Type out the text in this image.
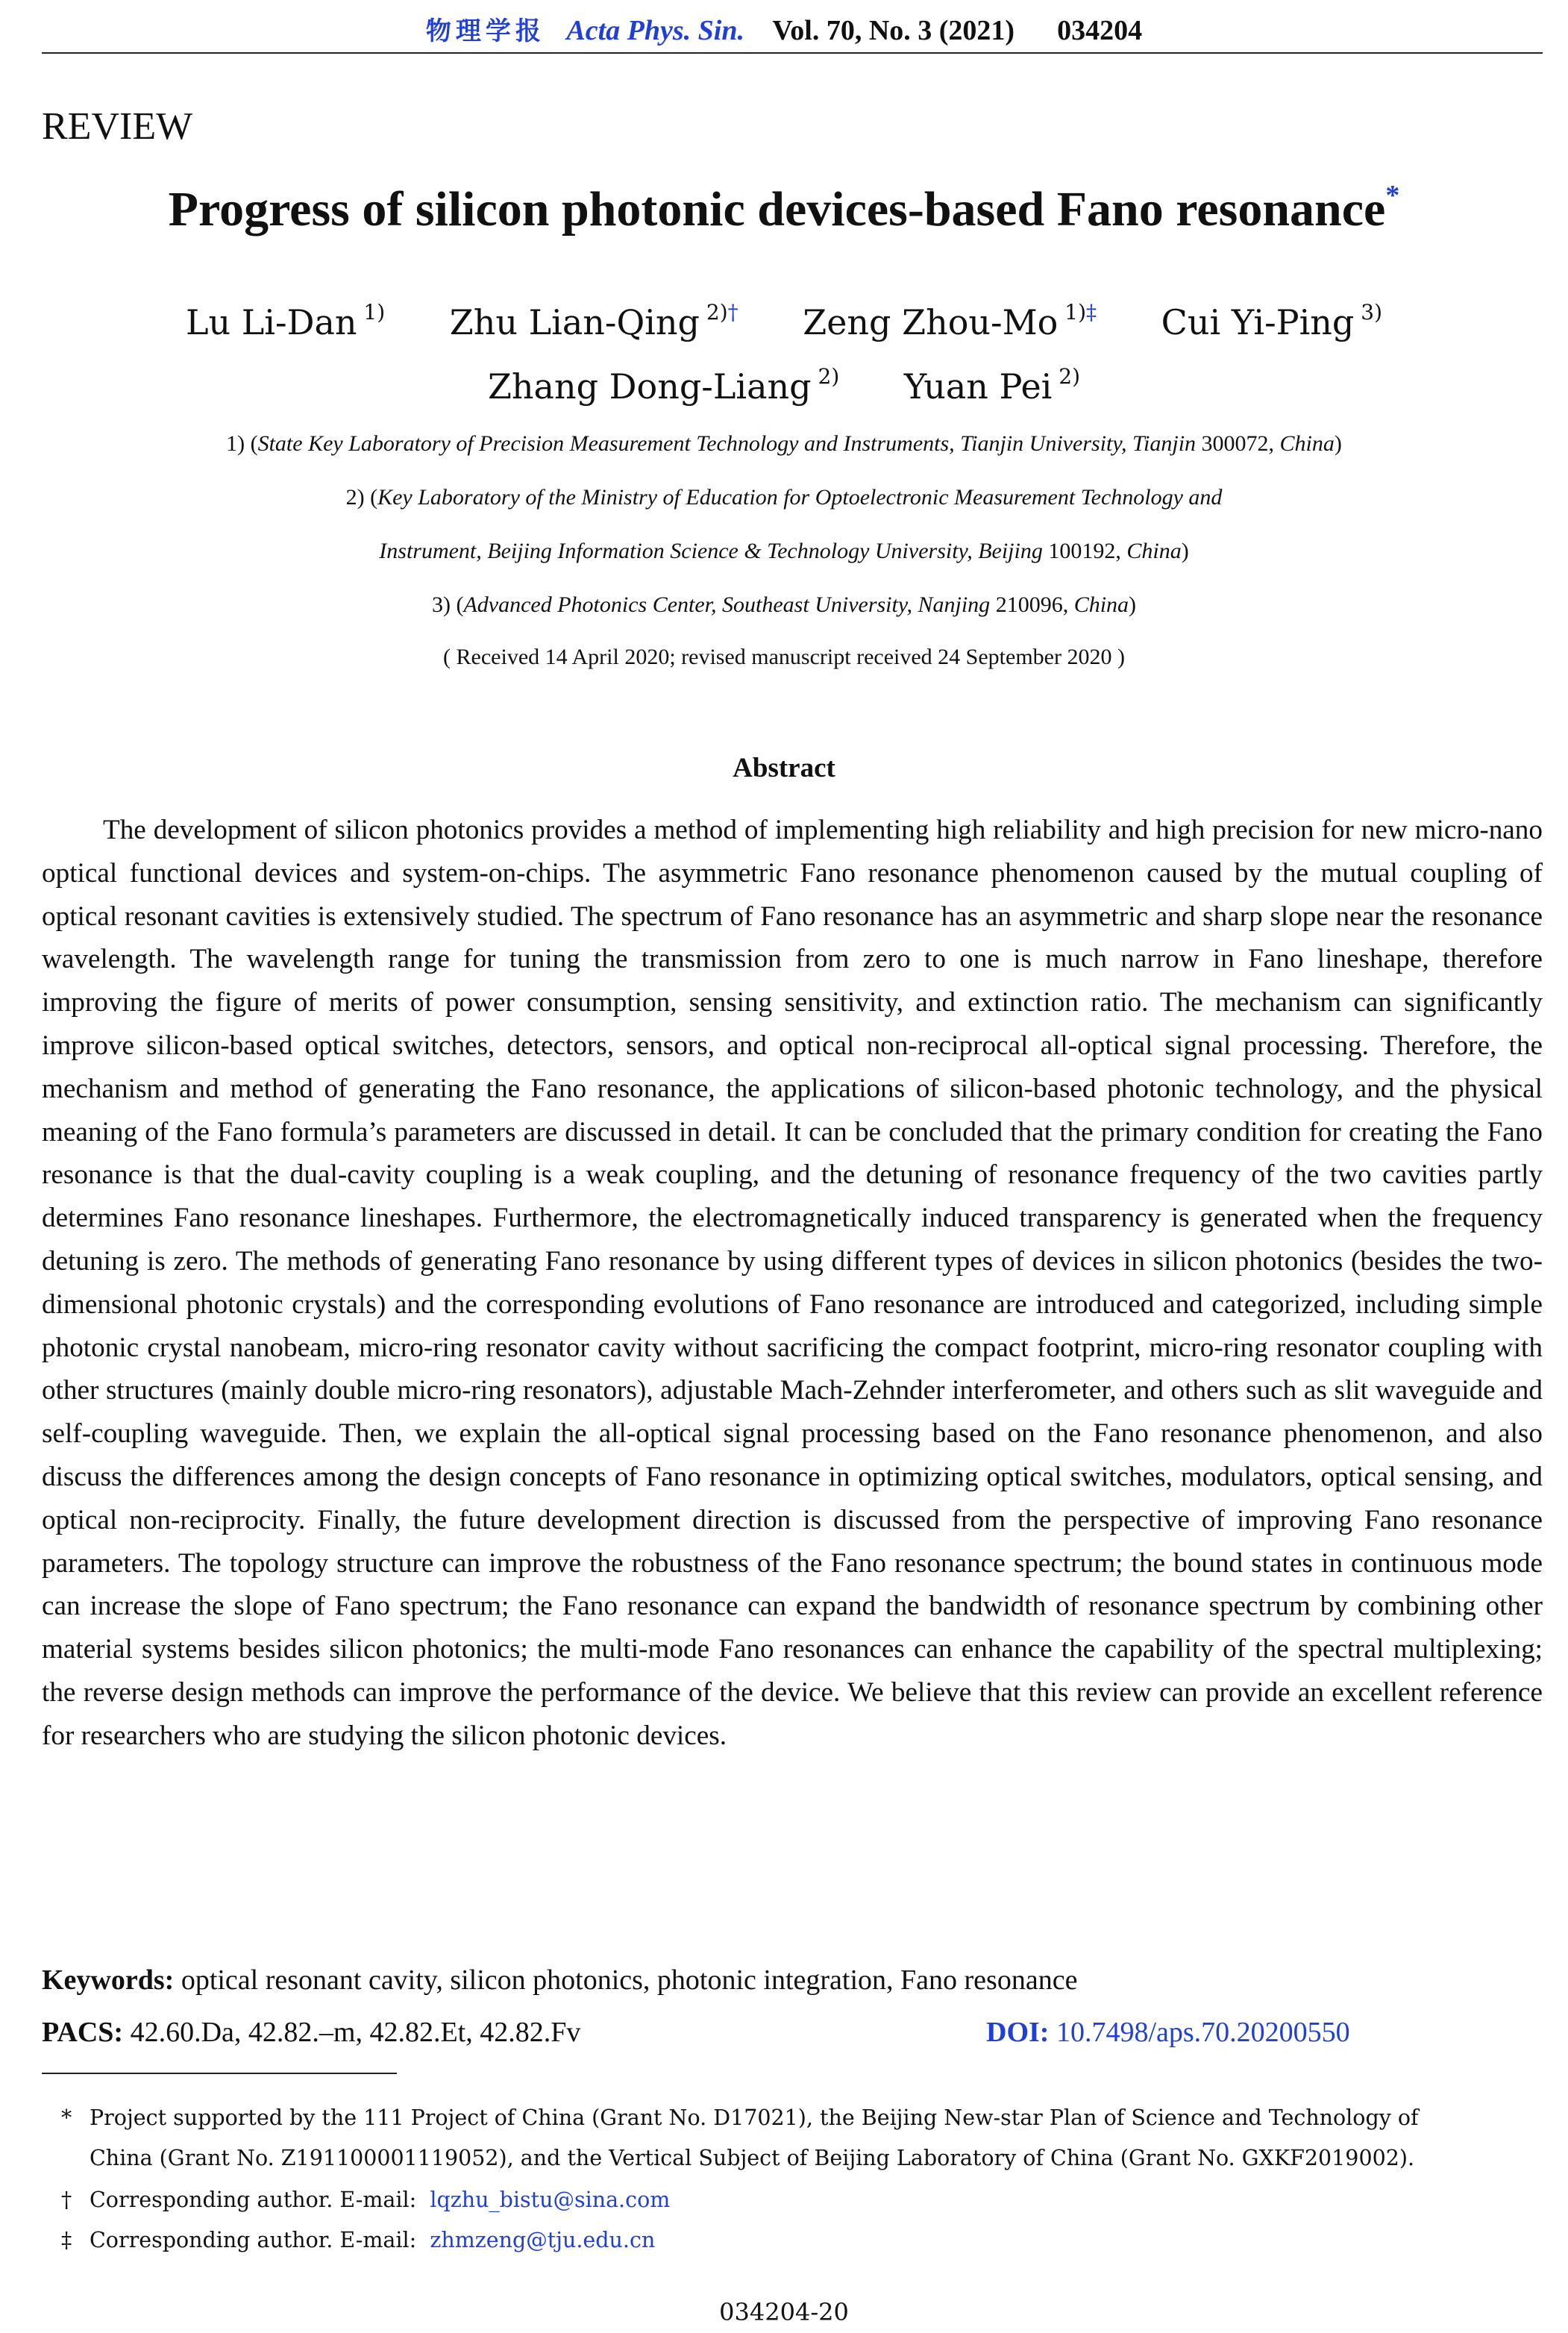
物理学报 Acta Phys. Sin. Vol. 70, No. 3 (2021) 034204
REVIEW
Progress of silicon photonic devices-based Fano resonance*
Lu Li-Dan $^{1)}$ Zhu Lian-Qing $^{2)\dagger}$ Zeng Zhou-Mo $^{1)\ddagger}$ Cui Yi-Ping $^{3)}$
Zhang Dong-Liang $^{2)}$ Yuan Pei $^{2)}$
1) (State Key Laboratory of Precision Measurement Technology and Instruments, Tianjin University, Tianjin 300072, China)
2) (Key Laboratory of the Ministry of Education for Optoelectronic Measurement Technology and
Instrument, Beijing Information Science & Technology University, Beijing 100192, China)
3) (Advanced Photonics Center, Southeast University, Nanjing 210096, China)
( Received 14 April 2020; revised manuscript received 24 September 2020 )
Abstract

The development of silicon photonics provides a method of implementing high reliability and high precision for new micro-nano optical functional devices and system-on-chips. The asymmetric Fano resonance phenomenon caused by the mutual coupling of optical resonant cavities is extensively studied. The spectrum of Fano resonance has an asymmetric and sharp slope near the resonance wavelength. The wavelength range for tuning the transmission from zero to one is much narrow in Fano lineshape, therefore improving the figure of merits of power consumption, sensing sensitivity, and extinction ratio. The mechanism can significantly improve silicon-based optical switches, detectors, sensors, and optical non-reciprocal all-optical signal processing. Therefore, the mechanism and method of generating the Fano resonance, the applications of silicon-based photonic technology, and the physical meaning of the Fano formula’s parameters are discussed in detail. It can be concluded that the primary condition for creating the Fano resonance is that the dual-cavity coupling is a weak coupling, and the detuning of resonance frequency of the two cavities partly determines Fano resonance lineshapes. Furthermore, the electromagnetically induced transparency is generated when the frequency detuning is zero. The methods of generating Fano resonance by using different types of devices in silicon photonics (besides the two-dimensional photonic crystals) and the corresponding evolutions of Fano resonance are introduced and categorized, including simple photonic crystal nanobeam, micro-ring resonator cavity without sacrificing the compact footprint, micro-ring resonator coupling with other structures (mainly double micro-ring resonators), adjustable Mach-Zehnder interferometer, and others such as slit waveguide and self-coupling waveguide. Then, we explain the all-optical signal processing based on the Fano resonance phenomenon, and also discuss the differences among the design concepts of Fano resonance in optimizing optical switches, modulators, optical sensing, and optical non-reciprocity. Finally, the future development direction is discussed from the perspective of improving Fano resonance parameters. The topology structure can improve the robustness of the Fano resonance spectrum; the bound states in continuous mode can increase the slope of Fano spectrum; the Fano resonance can expand the bandwidth of resonance spectrum by combining other material systems besides silicon photonics; the multi-mode Fano resonances can enhance the capability of the spectral multiplexing; the reverse design methods can improve the performance of the device. We believe that this review can provide an excellent reference for researchers who are studying the silicon photonic devices.

Keywords: optical resonant cavity, silicon photonics, photonic integration, Fano resonance
PACS: 42.60.Da, 42.82.–m, 42.82.Et, 42.82.Fv	DOI: 10.7498/aps.70.20200550
* Project supported by the 111 Project of China (Grant No. D17021), the Beijing New-star Plan of Science and Technology of
China (Grant No. Z191100001119052), and the Vertical Subject of Beijing Laboratory of China (Grant No. GXKF2019002).
† Corresponding author. E-mail: lqzhu_bistu@sina.com
‡ Corresponding author. E-mail: zhmzeng@tju.edu.cn
034204-20
